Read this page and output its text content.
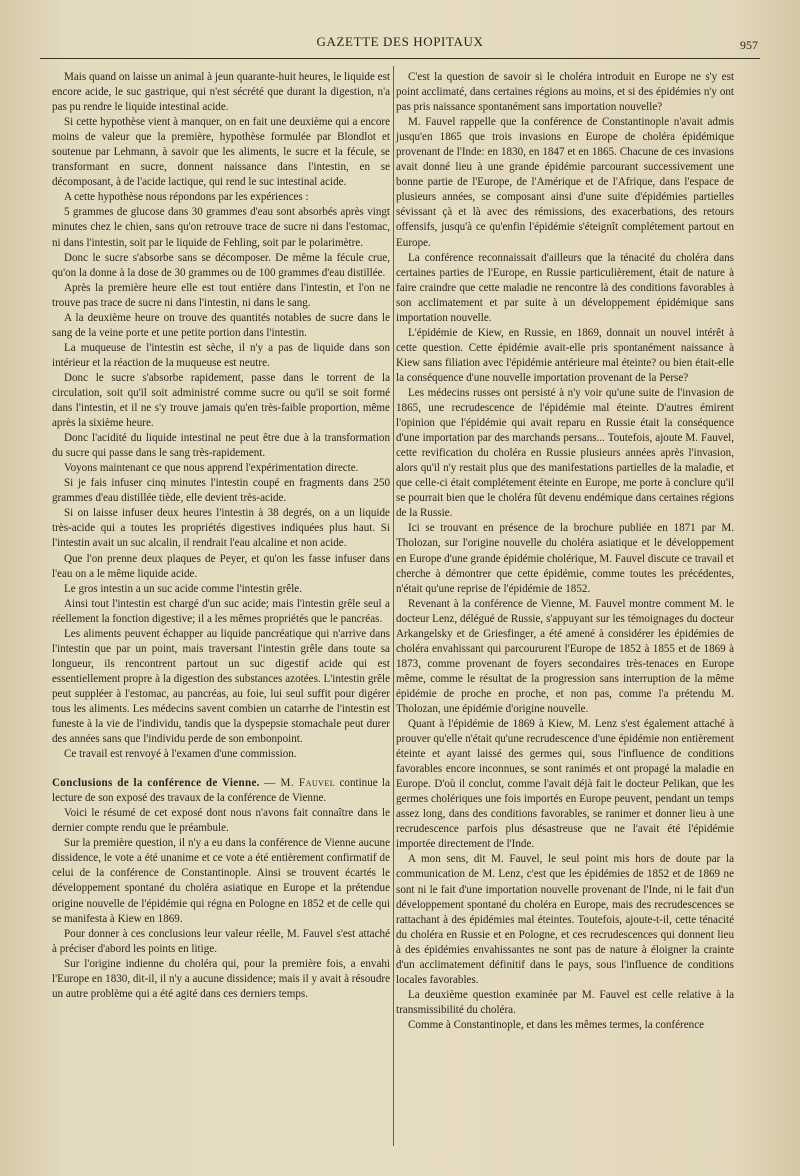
GAZETTE DES HOPITAUX	957

Mais quand on laisse un animal à jeun quarante-huit heures, le liquide est encore acide, le suc gastrique, qui n'est sécrété que durant la digestion, n'a pas pu rendre le liquide intestinal acide.

Si cette hypothèse vient à manquer, on en fait une deuxième qui a encore moins de valeur que la première, hypothèse formulée par Blondlot et soutenue par Lehmann, à savoir que les aliments, le sucre et la fécule, se transformant en sucre, donnent naissance dans l'intestin, en se décomposant, à de l'acide lactique, qui rend le suc intestinal acide.

A cette hypothèse nous répondons par les expériences :

5 grammes de glucose dans 30 grammes d'eau sont absorbés après vingt minutes chez le chien, sans qu'on retrouve trace de sucre ni dans l'estomac, ni dans l'intestin, soit par le liquide de Fehling, soit par le polarimètre.

Donc le sucre s'absorbe sans se décomposer. De même la fécule crue, qu'on la donne à la dose de 30 grammes ou de 100 grammes d'eau distillée.

Après la première heure elle est tout entière dans l'intestin, et l'on ne trouve pas trace de sucre ni dans l'intestin, ni dans le sang.

A la deuxième heure on trouve des quantités notables de sucre dans le sang de la veine porte et une petite portion dans l'intestin.

La muqueuse de l'intestin est sèche, il n'y a pas de liquide dans son intérieur et la réaction de la muqueuse est neutre.

Donc le sucre s'absorbe rapidement, passe dans le torrent de la circulation, soit qu'il soit administré comme sucre ou qu'il se soit formé dans l'intestin, et il ne s'y trouve jamais qu'en très-faible proportion, même après la sixième heure.

Donc l'acidité du liquide intestinal ne peut être due à la transformation du sucre qui passe dans le sang très-rapidement.

Voyons maintenant ce que nous apprend l'expérimentation directe.

Si je fais infuser cinq minutes l'intestin coupé en fragments dans 250 grammes d'eau distillée tiède, elle devient très-acide.

Si on laisse infuser deux heures l'intestin à 38 degrés, on a un liquide très-acide qui a toutes les propriétés digestives indiquées plus haut. Si l'intestin avait un suc alcalin, il rendrait l'eau alcaline et non acide.

Que l'on prenne deux plaques de Peyer, et qu'on les fasse infuser dans l'eau on a le même liquide acide.

Le gros intestin a un suc acide comme l'intestin grêle.

Ainsi tout l'intestin est chargé d'un suc acide; mais l'intestin grêle seul a réellement la fonction digestive; il a les mêmes propriétés que le pancréas.

Les aliments peuvent échapper au liquide pancréatique qui n'arrive dans l'intestin que par un point, mais traversant l'intestin grêle dans toute sa longueur, ils rencontrent partout un suc digestif acide qui est essentiellement propre à la digestion des substances azotées. L'intestin grêle peut suppléer à l'estomac, au pancréas, au foie, lui seul suffit pour digérer tous les aliments. Les médecins savent combien un catarrhe de l'intestin est funeste à la vie de l'individu, tandis que la dyspepsie stomachale peut durer des années sans que l'individu perde de son embonpoint.

Ce travail est renvoyé à l'examen d'une commission.

Conclusions de la conférence de Vienne. — M. Fauvel continue la lecture de son exposé des travaux de la conférence de Vienne.

Voici le résumé de cet exposé dont nous n'avons fait connaître dans le dernier compte rendu que le préambule.

Sur la première question, il n'y a eu dans la conférence de Vienne aucune dissidence, le vote a été unanime et ce vote a été entièrement confirmatif de celui de la conférence de Constantinople. Ainsi se trouvent écartés le développement spontané du choléra asiatique en Europe et la prétendue origine nouvelle de l'épidémie qui régna en Pologne en 1852 et de celle qui se manifesta à Kiew en 1869.

Pour donner à ces conclusions leur valeur réelle, M. Fauvel s'est attaché à préciser d'abord les points en litige.

Sur l'origine indienne du choléra qui, pour la première fois, a envahi l'Europe en 1830, dit-il, il n'y a aucune dissidence; mais il y avait à résoudre un autre problème qui a été agité dans ces derniers temps.

C'est la question de savoir si le choléra introduit en Europe ne s'y est point acclimaté, dans certaines régions au moins, et si des épidémies n'y ont pas pris naissance spontanément sans importation nouvelle?

M. Fauvel rappelle que la conférence de Constantinople n'avait admis jusqu'en 1865 que trois invasions en Europe de choléra épidémique provenant de l'Inde: en 1830, en 1847 et en 1865. Chacune de ces invasions avait donné lieu à une grande épidémie parcourant successivement une bonne partie de l'Europe, de l'Amérique et de l'Afrique, dans l'espace de plusieurs années, se composant ainsi d'une suite d'épidémies partielles sévissant çà et là avec des rémissions, des exacerbations, des retours offensifs, jusqu'à ce qu'enfin l'épidémie s'éteignît complétement partout en Europe.

La conférence reconnaissait d'ailleurs que la ténacité du choléra dans certaines parties de l'Europe, en Russie particulièrement, était de nature à faire craindre que cette maladie ne rencontre là des conditions favorables à son acclimatement et par suite à un développement épidémique sans importation nouvelle.

L'épidémie de Kiew, en Russie, en 1869, donnait un nouvel intérêt à cette question. Cette épidémie avait-elle pris spontanément naissance à Kiew sans filiation avec l'épidémie antérieure mal éteinte? ou bien était-elle la conséquence d'une nouvelle importation provenant de la Perse?

Les médecins russes ont persisté à n'y voir qu'une suite de l'invasion de 1865, une recrudescence de l'épidémie mal éteinte. D'autres émirent l'opinion que l'épidémie qui avait reparu en Russie était la conséquence d'une importation par des marchands persans... Toutefois, ajoute M. Fauvel, cette revification du choléra en Russie plusieurs années après l'invasion, alors qu'il n'y restait plus que des manifestations partielles de la maladie, et que celle-ci était complétement éteinte en Europe, me porte à conclure qu'il se pourrait bien que le choléra fût devenu endémique dans certaines régions de la Russie.

Ici se trouvant en présence de la brochure publiée en 1871 par M. Tholozan, sur l'origine nouvelle du choléra asiatique et le développement en Europe d'une grande épidémie cholérique, M. Fauvel discute ce travail et cherche à démontrer que cette épidémie, comme toutes les précédentes, n'était qu'une reprise de l'épidémie de 1852.

Revenant à la conférence de Vienne, M. Fauvel montre comment M. le docteur Lenz, délégué de Russie, s'appuyant sur les témoignages du docteur Arkangelsky et de Griesfinger, a été amené à considérer les épidémies de choléra envahissant qui parcoururent l'Europe de 1852 à 1855 et de 1869 à 1873, comme provenant de foyers secondaires très-tenaces en Europe même, comme le résultat de la progression sans interruption de la même épidémie de proche en proche, et non pas, comme l'a prétendu M. Tholozan, une épidémie d'origine nouvelle.

Quant à l'épidémie de 1869 à Kiew, M. Lenz s'est également attaché à prouver qu'elle n'était qu'une recrudescence d'une épidémie non entièrement éteinte et ayant laissé des germes qui, sous l'influence de conditions favorables encore inconnues, se sont ranimés et ont propagé la maladie en Europe. D'où il conclut, comme l'avait déjà fait le docteur Pelikan, que les germes cholériques une fois importés en Europe peuvent, pendant un temps assez long, dans des conditions favorables, se ranimer et donner lieu à une recrudescence parfois plus désastreuse que ne l'avait été l'épidémie importée directement de l'Inde.

A mon sens, dit M. Fauvel, le seul point mis hors de doute par la communication de M. Lenz, c'est que les épidémies de 1852 et de 1869 ne sont ni le fait d'une importation nouvelle provenant de l'Inde, ni le fait d'un développement spontané du choléra en Europe, mais des recrudescences se rattachant à des épidémies mal éteintes. Toutefois, ajoute-t-il, cette ténacité du choléra en Russie et en Pologne, et ces recrudescences qui donnent lieu à des épidémies envahissantes ne sont pas de nature à éloigner la crainte d'un acclimatement définitif dans le pays, sous l'influence de conditions locales favorables.

La deuxième question examinée par M. Fauvel est celle relative à la transmissibilité du choléra.

Comme à Constantinople, et dans les mêmes termes, la conférence
